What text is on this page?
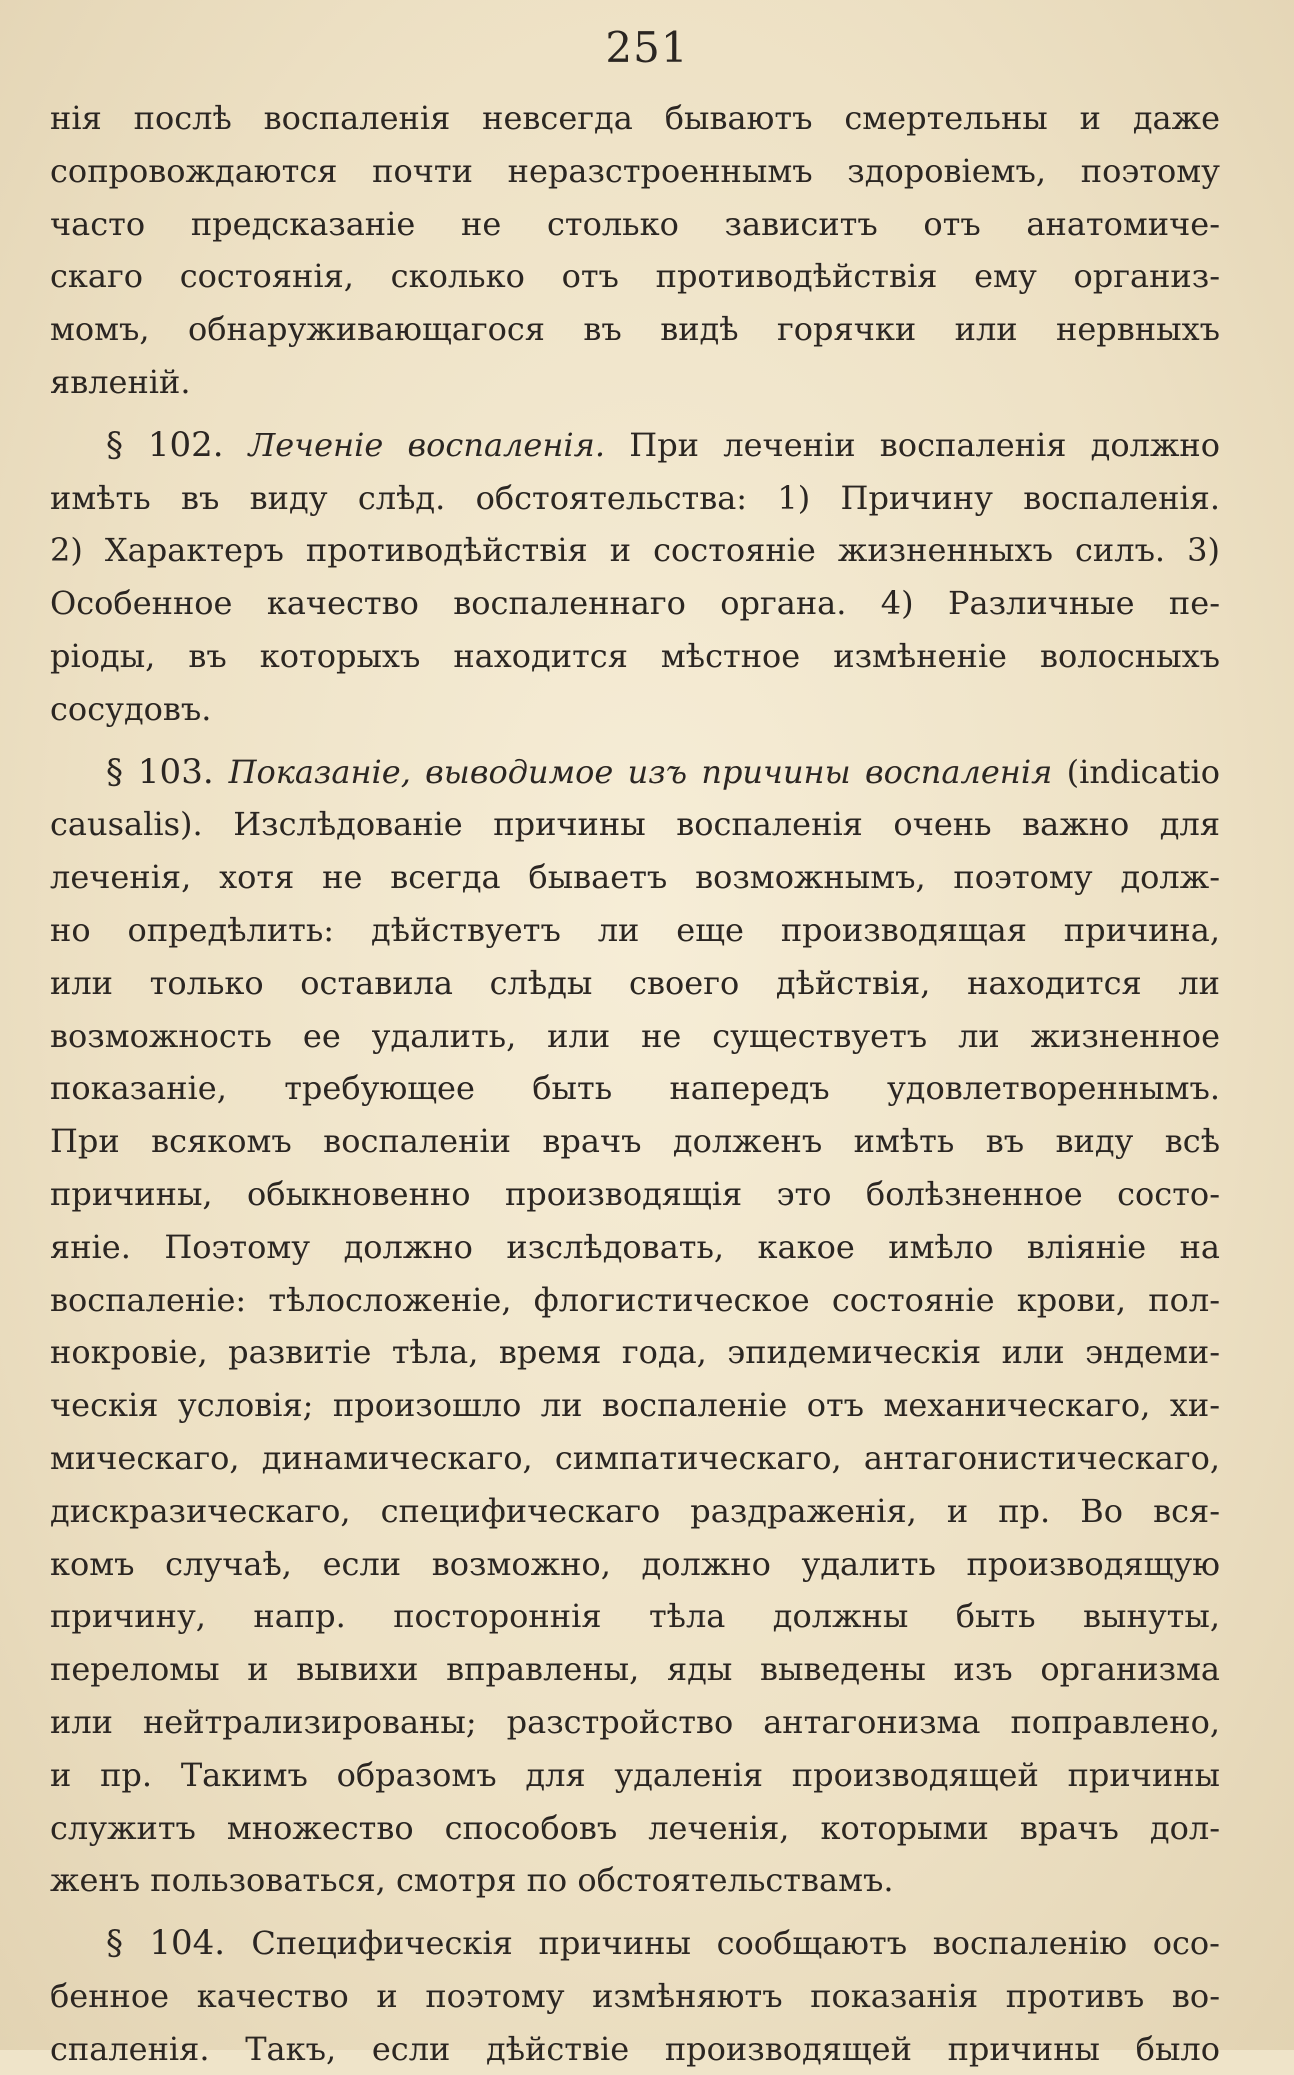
251
нія послѣ воспаленія невсегда бываютъ смертельны и даже
сопровождаются почти неразстроеннымъ здоровіемъ, поэтому
часто предсказаніе не столько зависитъ отъ анатомиче-
скаго состоянія, сколько отъ противодѣйствія ему организ-
момъ, обнаруживающагося въ видѣ горячки или нервныхъ
явленій.
§ 102. Леченіе воспаленія. При леченіи воспаленія должно
имѣть въ виду слѣд. обстоятельства: 1) Причину воспаленія.
2) Характеръ противодѣйствія и состояніе жизненныхъ силъ. 3)
Особенное качество воспаленнаго органа. 4) Различные пе-
ріоды, въ которыхъ находится мѣстное измѣненіе волосныхъ
сосудовъ.
§ 103. Показаніе, выводимое изъ причины воспаленія (indicatio
causalis). Изслѣдованіе причины воспаленія очень важно для
леченія, хотя не всегда бываетъ возможнымъ, поэтому долж-
но опредѣлить: дѣйствуетъ ли еще производящая причина,
или только оставила слѣды своего дѣйствія, находится ли
возможность ее удалить, или не существуетъ ли жизненное
показаніе, требующее быть напередъ удовлетвореннымъ.
При всякомъ воспаленіи врачъ долженъ имѣть въ виду всѣ
причины, обыкновенно производящія это болѣзненное состо-
яніе. Поэтому должно изслѣдовать, какое имѣло вліяніе на
воспаленіе: тѣлосложеніе, флогистическое состояніе крови, пол-
нокровіе, развитіе тѣла, время года, эпидемическія или эндеми-
ческія условія; произошло ли воспаленіе отъ механическаго, хи-
мическаго, динамическаго, симпатическаго, антагонистическаго,
дискразическаго, специфическаго раздраженія, и пр. Во вся-
комъ случаѣ, если возможно, должно удалить производящую
причину, напр. постороннія тѣла должны быть вынуты,
переломы и вывихи вправлены, яды выведены изъ организма
или нейтрализированы; разстройство антагонизма поправлено,
и пр. Такимъ образомъ для удаленія производящей причины
служитъ множество способовъ леченія, которыми врачъ дол-
женъ пользоваться, смотря по обстоятельствамъ.
§ 104. Специфическія причины сообщаютъ воспаленію осо-
бенное качество и поэтому измѣняютъ показанія противъ во-
спаленія. Такъ, если дѣйствіе производящей причины было
